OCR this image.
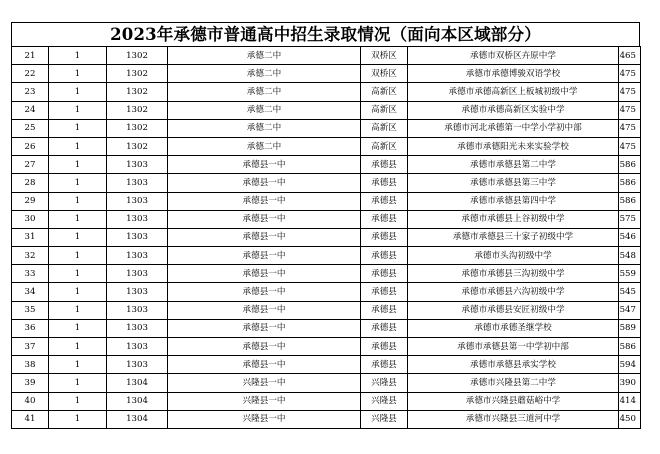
2023年承德市普通高中招生录取情况（面向本区域部分）
21	1	1302	承德二中	双桥区	承德市双桥区卉原中学	465
22	1	1302	承德二中	双桥区	承德市承德博骏双语学校	475
23	1	1302	承德二中	高新区	承德市承德高新区上板城初级中学	475
24	1	1302	承德二中	高新区	承德市承德高新区实验中学	475
25	1	1302	承德二中	高新区	承德市河北承德第一中学小学初中部	475
26	1	1302	承德二中	高新区	承德市承德阳光未来实验学校	475
27	1	1303	承德县一中	承德县	承德市承德县第二中学	586
28	1	1303	承德县一中	承德县	承德市承德县第三中学	586
29	1	1303	承德县一中	承德县	承德市承德县第四中学	586
30	1	1303	承德县一中	承德县	承德市承德县上谷初级中学	575
31	1	1303	承德县一中	承德县	承德市承德县三十家子初级中学	546
32	1	1303	承德县一中	承德县	承德市头沟初级中学	548
33	1	1303	承德县一中	承德县	承德市承德县三沟初级中学	559
34	1	1303	承德县一中	承德县	承德市承德县六沟初级中学	545
35	1	1303	承德县一中	承德县	承德市承德县安匠初级中学	547
36	1	1303	承德县一中	承德县	承德市承德圣继学校	589
37	1	1303	承德县一中	承德县	承德市承德县第一中学初中部	586
38	1	1303	承德县一中	承德县	承德市承德县承实学校	594
39	1	1304	兴隆县一中	兴隆县	承德市兴隆县第二中学	390
40	1	1304	兴隆县一中	兴隆县	承德市兴隆县蘑菇峪中学	414
41	1	1304	兴隆县一中	兴隆县	承德市兴隆县三道河中学	450
